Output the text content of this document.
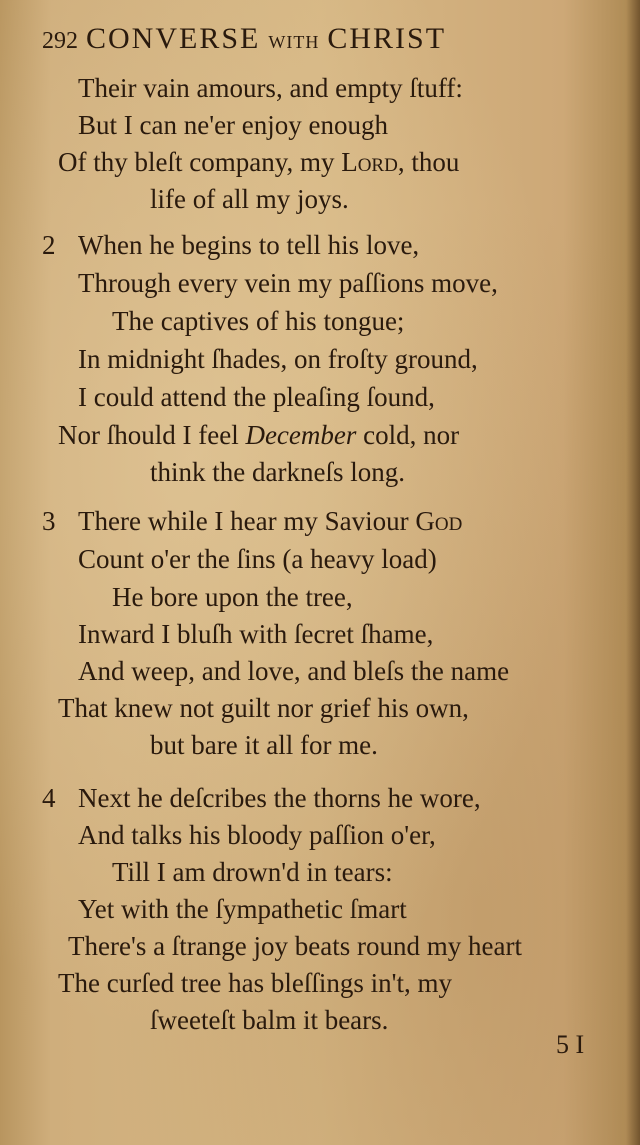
292 CONVERSE WITH CHRIST
Their vain amours, and empty ſtuff:
But I can ne'er enjoy enough
Of thy bleſt company, my Lord, thou
life of all my joys.
2 When he begins to tell his love,
Through every vein my paſſions move,
The captives of his tongue;
In midnight ſhades, on froſty ground,
I could attend the pleaſing ſound,
Nor ſhould I feel December cold, nor
think the darkneſs long.
3 There while I hear my Saviour God
Count o'er the ſins (a heavy load)
He bore upon the tree,
Inward I bluſh with ſecret ſhame,
And weep, and love, and bleſs the name
That knew not guilt nor grief his own,
but bare it all for me.
4 Next he deſcribes the thorns he wore,
And talks his bloody paſſion o'er,
Till I am drown'd in tears:
Yet with the ſympathetic ſmart
There's a ſtrange joy beats round my heart
The curſed tree has bleſſings in't, my
ſweeteſt balm it bears.
5 I
